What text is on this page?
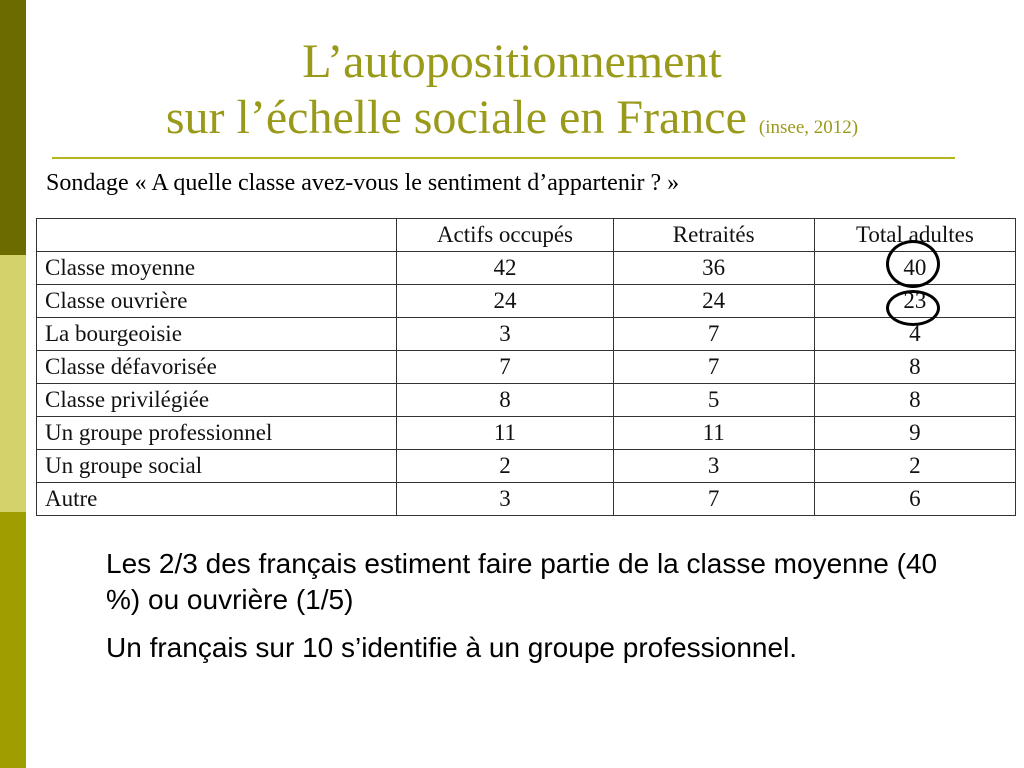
L’autopositionnement
sur l’échelle sociale en France (insee, 2012)
Sondage « A quelle classe avez-vous le sentiment d’appartenir ? »
	Actifs occupés	Retraités	Total adultes
Classe moyenne	42	36	40
Classe ouvrière	24	24	23
La bourgeoisie	3	7	4
Classe défavorisée	7	7	8
Classe privilégiée	8	5	8
Un groupe professionnel	11	11	9
Un groupe social	2	3	2
Autre	3	7	6

Les 2/3 des français estiment faire partie de la classe moyenne (40 %) ou ouvrière (1/5)

Un français sur 10 s’identifie à un groupe professionnel.
